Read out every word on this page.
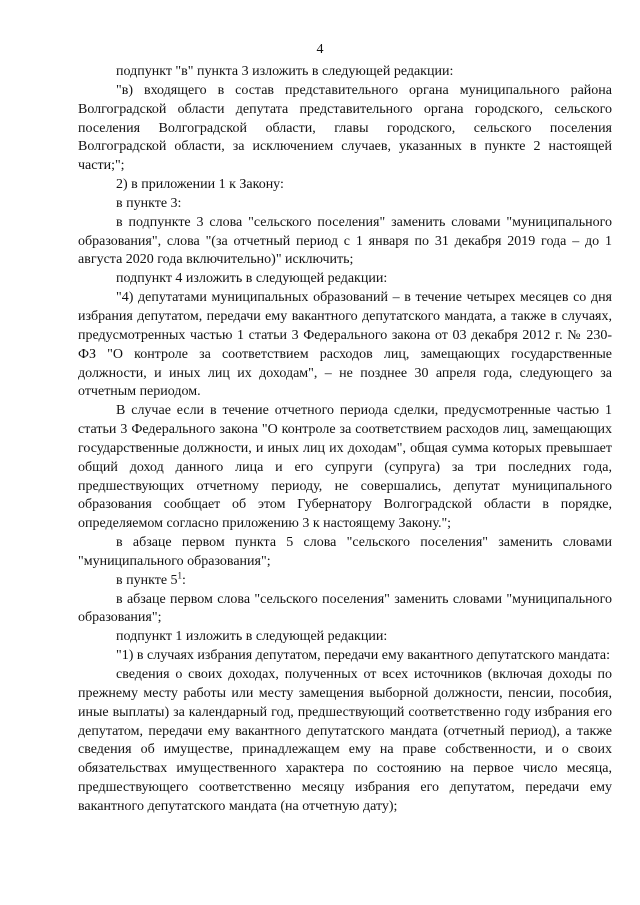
4

подпункт "в" пункта 3 изложить в следующей редакции:

"в) входящего в состав представительного органа муниципального района Волгоградской области депутата представительного органа городского, сельского поселения Волгоградской области, главы городского, сельского поселения Волгоградской области, за исключением случаев, указанных в пункте 2 настоящей части;";

2) в приложении 1 к Закону:

в пункте 3:

в подпункте 3 слова "сельского поселения" заменить словами "муниципального образования", слова "(за отчетный период с 1 января по 31 декабря 2019 года – до 1 августа 2020 года включительно)" исключить;

подпункт 4 изложить в следующей редакции:

"4) депутатами муниципальных образований – в течение четырех месяцев со дня избрания депутатом, передачи ему вакантного депутатского мандата, а также в случаях, предусмотренных частью 1 статьи 3 Федерального закона от 03 декабря 2012 г. № 230-ФЗ "О контроле за соответствием расходов лиц, замещающих государственные должности, и иных лиц их доходам", – не позднее 30 апреля года, следующего за отчетным периодом.

В случае если в течение отчетного периода сделки, предусмотренные частью 1 статьи 3 Федерального закона "О контроле за соответствием расходов лиц, замещающих государственные должности, и иных лиц их доходам", общая сумма которых превышает общий доход данного лица и его супруги (супруга) за три последних года, предшествующих отчетному периоду, не совершались, депутат муниципального образования сообщает об этом Губернатору Волгоградской области в порядке, определяемом согласно приложению 3 к настоящему Закону.";

в абзаце первом пункта 5 слова "сельского поселения" заменить словами "муниципального образования";

в пункте $5^1$:

в абзаце первом слова "сельского поселения" заменить словами "муниципального образования";

подпункт 1 изложить в следующей редакции:

"1) в случаях избрания депутатом, передачи ему вакантного депутатского мандата:

сведения о своих доходах, полученных от всех источников (включая доходы по прежнему месту работы или месту замещения выборной должности, пенсии, пособия, иные выплаты) за календарный год, предшествующий соответственно году избрания его депутатом, передачи ему вакантного депутатского мандата (отчетный период), а также сведения об имуществе, принадлежащем ему на праве собственности, и о своих обязательствах имущественного характера по состоянию на первое число месяца, предшествующего соответственно месяцу избрания его депутатом, передачи ему вакантного депутатского мандата (на отчетную дату);
